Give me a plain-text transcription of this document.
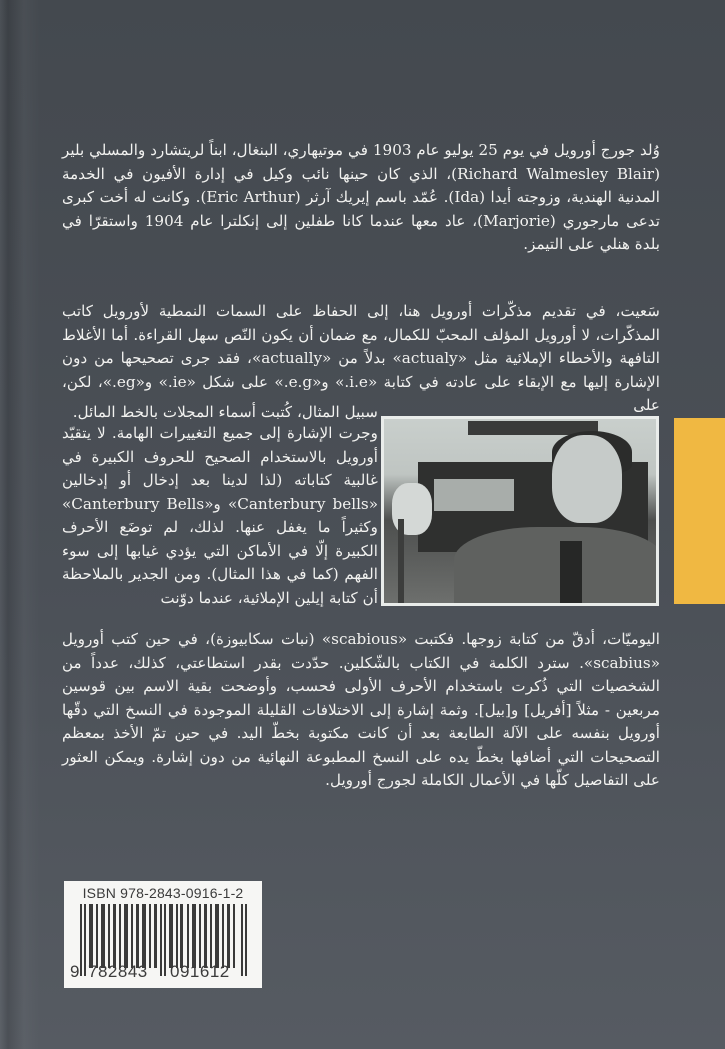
وُلد جورج أورويل في يوم 25 يوليو عام 1903 في موتيهاري، البنغال، ابناً لريتشارد والمسلي بلير (Richard Walmesley Blair)، الذي كان حينها نائب وكيل في إدارة الأفيون في الخدمة المدنية الهندية، وزوجته أيدا (Ida). عُمّد باسم إيريك آرثر (Eric Arthur). وكانت له أخت كبرى تدعى مارجوري (Marjorie)، عاد معها عندما كانا طفلين إلى إنكلترا عام 1904 واستقرّا في بلدة هنلي على التيمز.

سَعيت، في تقديم مذكّرات أورويل هنا، إلى الحفاظ على السمات النمطية لأورويل كاتب المذكّرات، لا أورويل المؤلف المحبّ للكمال، مع ضمان أن يكون النّص سهل القراءة. أما الأغلاط التافهة والأخطاء الإملائية مثل «actualy» بدلاً من «actually»، فقد جرى تصحيحها من دون الإشارة إليها مع الإبقاء على عادته في كتابة «i.e.» و«e.g.» على شكل «ie.» و«eg.»، لكن، على

سبيل المثال، كُتبت أسماء المجلات بالخط المائل.

وجرت الإشارة إلى جميع التغييرات الهامة. لا يتقيّد أورويل بالاستخدام الصحيح للحروف الكبيرة في غالبية كتاباته (لذا لدينا بعد إدخال أو إدخالين «Canterbury bells» و«Canterbury Bells» وكثيراً ما يغفل عنها. لذلك، لم توضَع الأحرف الكبيرة إلّا في الأماكن التي يؤدي غيابها إلى سوء الفهم (كما في هذا المثال). ومن الجدير بالملاحظة أن كتابة إيلين الإملائية، عندما دوّنت

اليوميّات، أدقّ من كتابة زوجها. فكتبت «scabious» (نبات سكابيوزة)، في حين كتب أورويل «scabius». سترد الكلمة في الكتاب بالشّكلين. حدّدت بقدر استطاعتي، كذلك، عدداً من الشخصيات التي ذُكرت باستخدام الأحرف الأولى فحسب، وأوضحت بقية الاسم بين قوسين مربعين - مثلاً [أفريل] و[بيل]. وثمة إشارة إلى الاختلافات القليلة الموجودة في النسخ التي دقّها أورويل بنفسه على الآلة الطابعة بعد أن كانت مكتوبة بخطّ اليد. في حين تمّ الأخذ بمعظم التصحيحات التي أضافها بخطّ يده على النسخ المطبوعة النهائية من دون إشارة. ويمكن العثور على التفاصيل كلّها في الأعمال الكاملة لجورج أورويل.

ISBN 978-2843-0916-1-2
9 782843 091612
